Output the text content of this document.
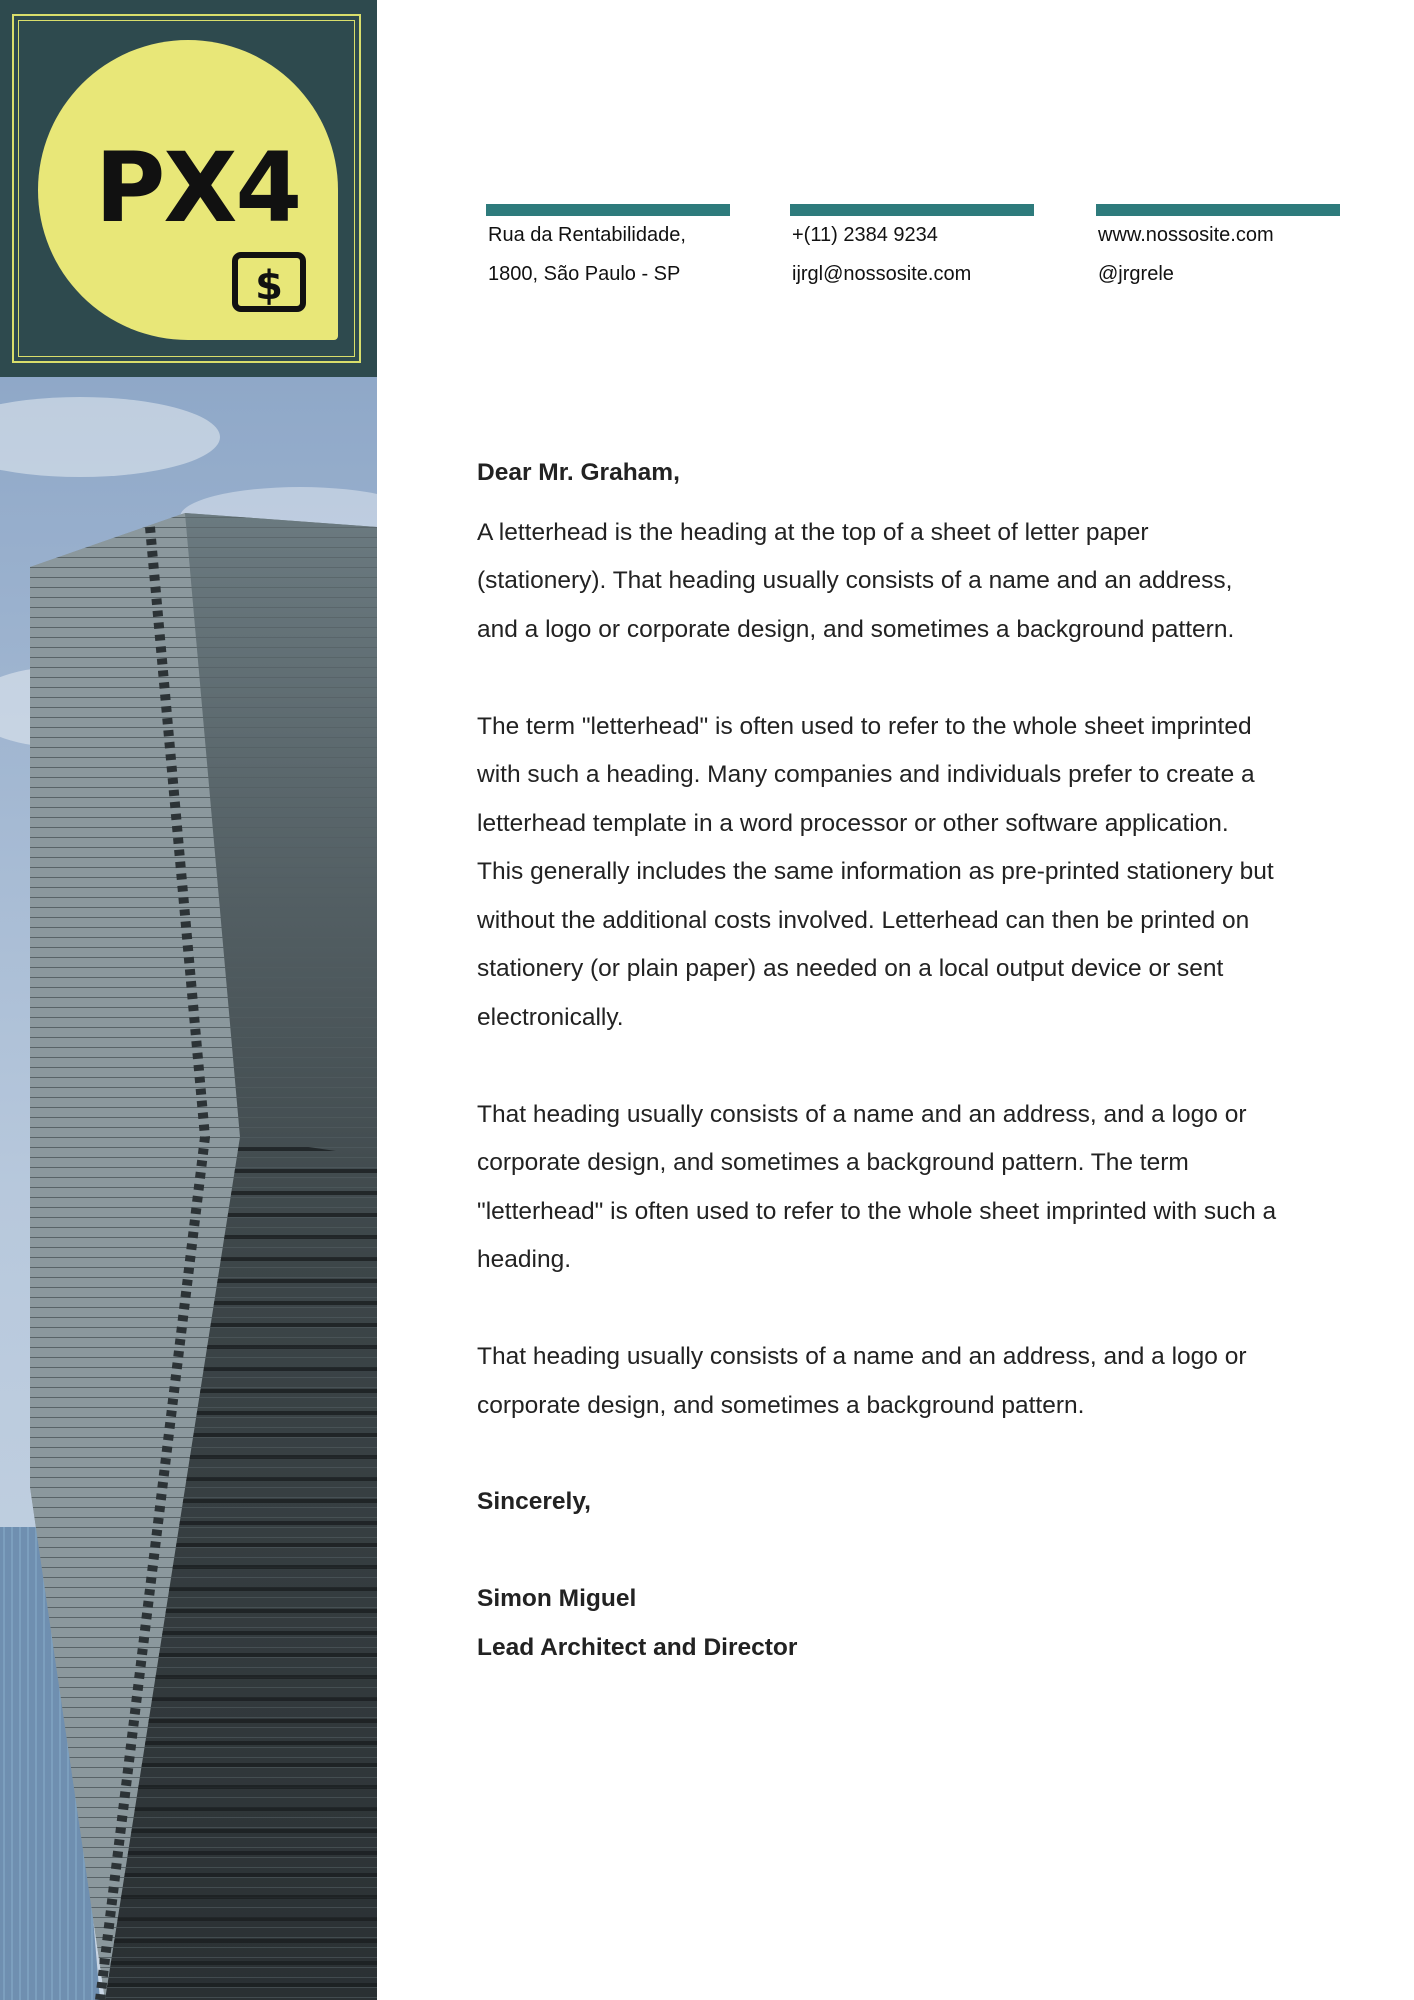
PX4
$
Rua da Rentabilidade,
1800, São Paulo - SP
+(11) 2384 9234
ijrgl@nossosite.com
www.nossosite.com
@jrgrele

Dear Mr. Graham,

A letterhead is the heading at the top of a sheet of letter paper (stationery). That heading usually consists of a name and an address, and a logo or corporate design, and sometimes a background pattern.

The term "letterhead" is often used to refer to the whole sheet imprinted with such a heading. Many companies and individuals prefer to create a letterhead template in a word processor or other software application. This generally includes the same information as pre-printed stationery but without the additional costs involved. Letterhead can then be printed on stationery (or plain paper) as needed on a local output device or sent electronically.

That heading usually consists of a name and an address, and a logo or corporate design, and sometimes a background pattern. The term "letterhead" is often used to refer to the whole sheet imprinted with such a heading.

That heading usually consists of a name and an address, and a logo or corporate design, and sometimes a background pattern.

Sincerely,

Simon Miguel

Lead Architect and Director
